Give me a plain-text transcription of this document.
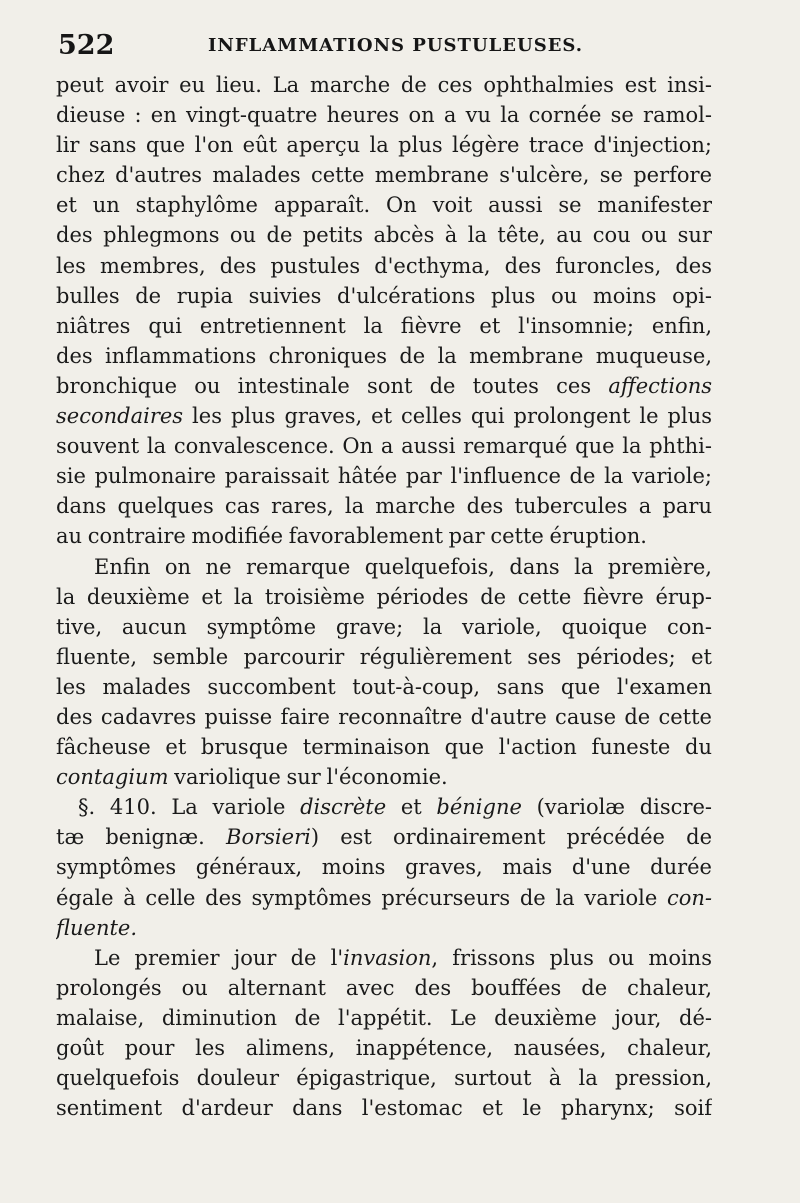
522	INFLAMMATIONS PUSTULEUSES.
peut avoir eu lieu. La marche de ces ophthalmies est insi-
dieuse : en vingt-quatre heures on a vu la cornée se ramol-
lir sans que l'on eût aperçu la plus légère trace d'injection;
chez d'autres malades cette membrane s'ulcère, se perfore
et un staphylôme apparaît. On voit aussi se manifester
des phlegmons ou de petits abcès à la tête, au cou ou sur
les membres, des pustules d'ecthyma, des furoncles, des
bulles de rupia suivies d'ulcérations plus ou moins opi-
niâtres qui entretiennent la fièvre et l'insomnie; enfin,
des inflammations chroniques de la membrane muqueuse,
bronchique ou intestinale sont de toutes ces affections
secondaires les plus graves, et celles qui prolongent le plus
souvent la convalescence. On a aussi remarqué que la phthi-
sie pulmonaire paraissait hâtée par l'influence de la variole;
dans quelques cas rares, la marche des tubercules a paru
au contraire modifiée favorablement par cette éruption.
Enfin on ne remarque quelquefois, dans la première,
la deuxième et la troisième périodes de cette fièvre érup-
tive, aucun symptôme grave; la variole, quoique con-
fluente, semble parcourir régulièrement ses périodes; et
les malades succombent tout-à-coup, sans que l'examen
des cadavres puisse faire reconnaître d'autre cause de cette
fâcheuse et brusque terminaison que l'action funeste du
contagium variolique sur l'économie.
§. 410. La variole discrète et bénigne (variolæ discre-
tæ benignæ. Borsieri) est ordinairement précédée de
symptômes généraux, moins graves, mais d'une durée
égale à celle des symptômes précurseurs de la variole con-
fluente.
Le premier jour de l'invasion, frissons plus ou moins
prolongés ou alternant avec des bouffées de chaleur,
malaise, diminution de l'appétit. Le deuxième jour, dé-
goût pour les alimens, inappétence, nausées, chaleur,
quelquefois douleur épigastrique, surtout à la pression,
sentiment d'ardeur dans l'estomac et le pharynx; soif
